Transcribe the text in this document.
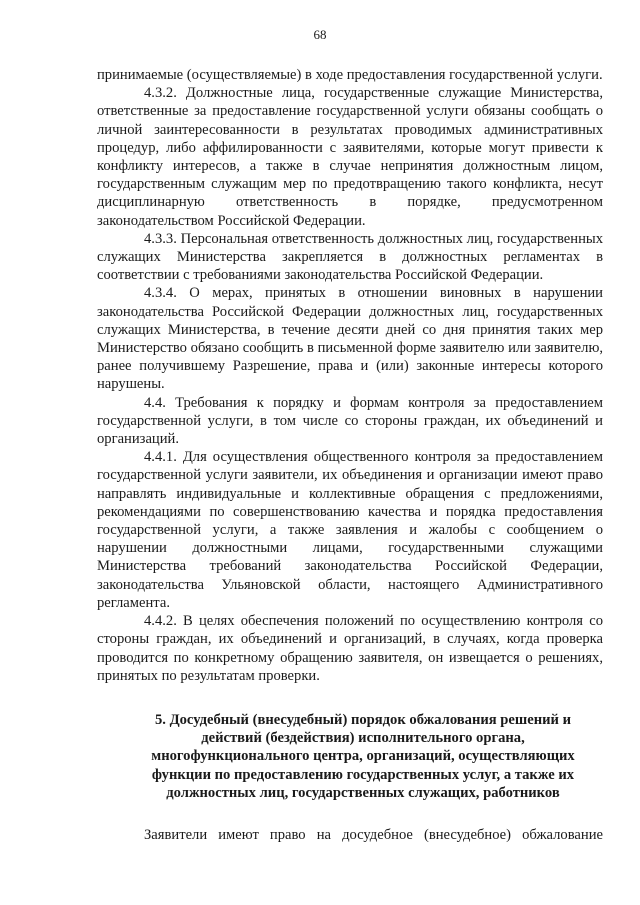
68

принимаемые (осуществляемые) в ходе предоставления государственной услуги.

4.3.2. Должностные лица, государственные служащие Министерства, ответственные за предоставление государственной услуги обязаны сообщать о личной заинтересованности в результатах проводимых административных процедур, либо аффилированности с заявителями, которые могут привести к конфликту интересов, а также в случае непринятия должностным лицом, государственным служащим мер по предотвращению такого конфликта, несут дисциплинарную ответственность в порядке, предусмотренном законодательством Российской Федерации.

4.3.3. Персональная ответственность должностных лиц, государственных служащих Министерства закрепляется в должностных регламентах в соответствии с требованиями законодательства Российской Федерации.

4.3.4. О мерах, принятых в отношении виновных в нарушении законодательства Российской Федерации должностных лиц, государственных служащих Министерства, в течение десяти дней со дня принятия таких мер Министерство обязано сообщить в письменной форме заявителю или заявителю, ранее получившему Разрешение, права и (или) законные интересы которого нарушены.

4.4. Требования к порядку и формам контроля за предоставлением государственной услуги, в том числе со стороны граждан, их объединений и организаций.

4.4.1. Для осуществления общественного контроля за предоставлением государственной услуги заявители, их объединения и организации имеют право направлять индивидуальные и коллективные обращения с предложениями, рекомендациями по совершенствованию качества и порядка предоставления государственной услуги, а также заявления и жалобы с сообщением о нарушении должностными лицами, государственными служащими Министерства требований законодательства Российской Федерации, законодательства Ульяновской области, настоящего Административного регламента.

4.4.2. В целях обеспечения положений по осуществлению контроля со стороны граждан, их объединений и организаций, в случаях, когда проверка проводится по конкретному обращению заявителя, он извещается о решениях, принятых по результатам проверки.

5. Досудебный (внесудебный) порядок обжалования решений и действий (бездействия) исполнительного органа, многофункционального центра, организаций, осуществляющих функции по предоставлению государственных услуг, а также их должностных лиц, государственных служащих, работников

Заявители имеют право на досудебное (внесудебное) обжалование
